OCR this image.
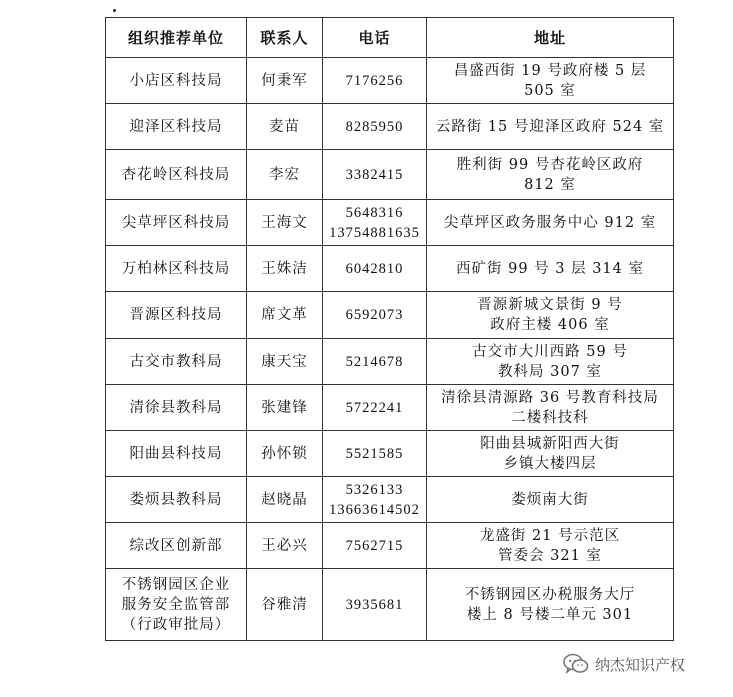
组织推荐单位	联系人	电话	地址

小店区科技局	何秉军	7176256	昌盛西街 19 号政府楼 5 层
505 室

迎泽区科技局	麦苗	8285950	云路街 15 号迎泽区政府 524 室

杏花岭区科技局	李宏	3382415	胜利街 99 号杏花岭区政府
812 室

尖草坪区科技局	王海文	5648316
13754881635	尖草坪区政务服务中心 912 室

万柏林区科技局	王姝洁	6042810	西矿街 99 号 3 层 314 室

晋源区科技局	席文革	6592073	晋源新城文景街 9 号
政府主楼 406 室

古交市教科局	康天宝	5214678	古交市大川西路 59 号
教科局 307 室

清徐县教科局	张建锋	5722241	清徐县清源路 36 号教育科技局
二楼科技科

阳曲县科技局	孙怀锁	5521585	阳曲县城新阳西大街
乡镇大楼四层

娄烦县教科局	赵晓晶	5326133
13663614502	娄烦南大街

综改区创新部	王必兴	7562715	龙盛街 21 号示范区
管委会 321 室

不锈钢园区企业
服务安全监管部
（行政审批局）	谷雅清	3935681	不锈钢园区办税服务大厅
楼上 8 号楼二单元 301
纳杰知识产权
